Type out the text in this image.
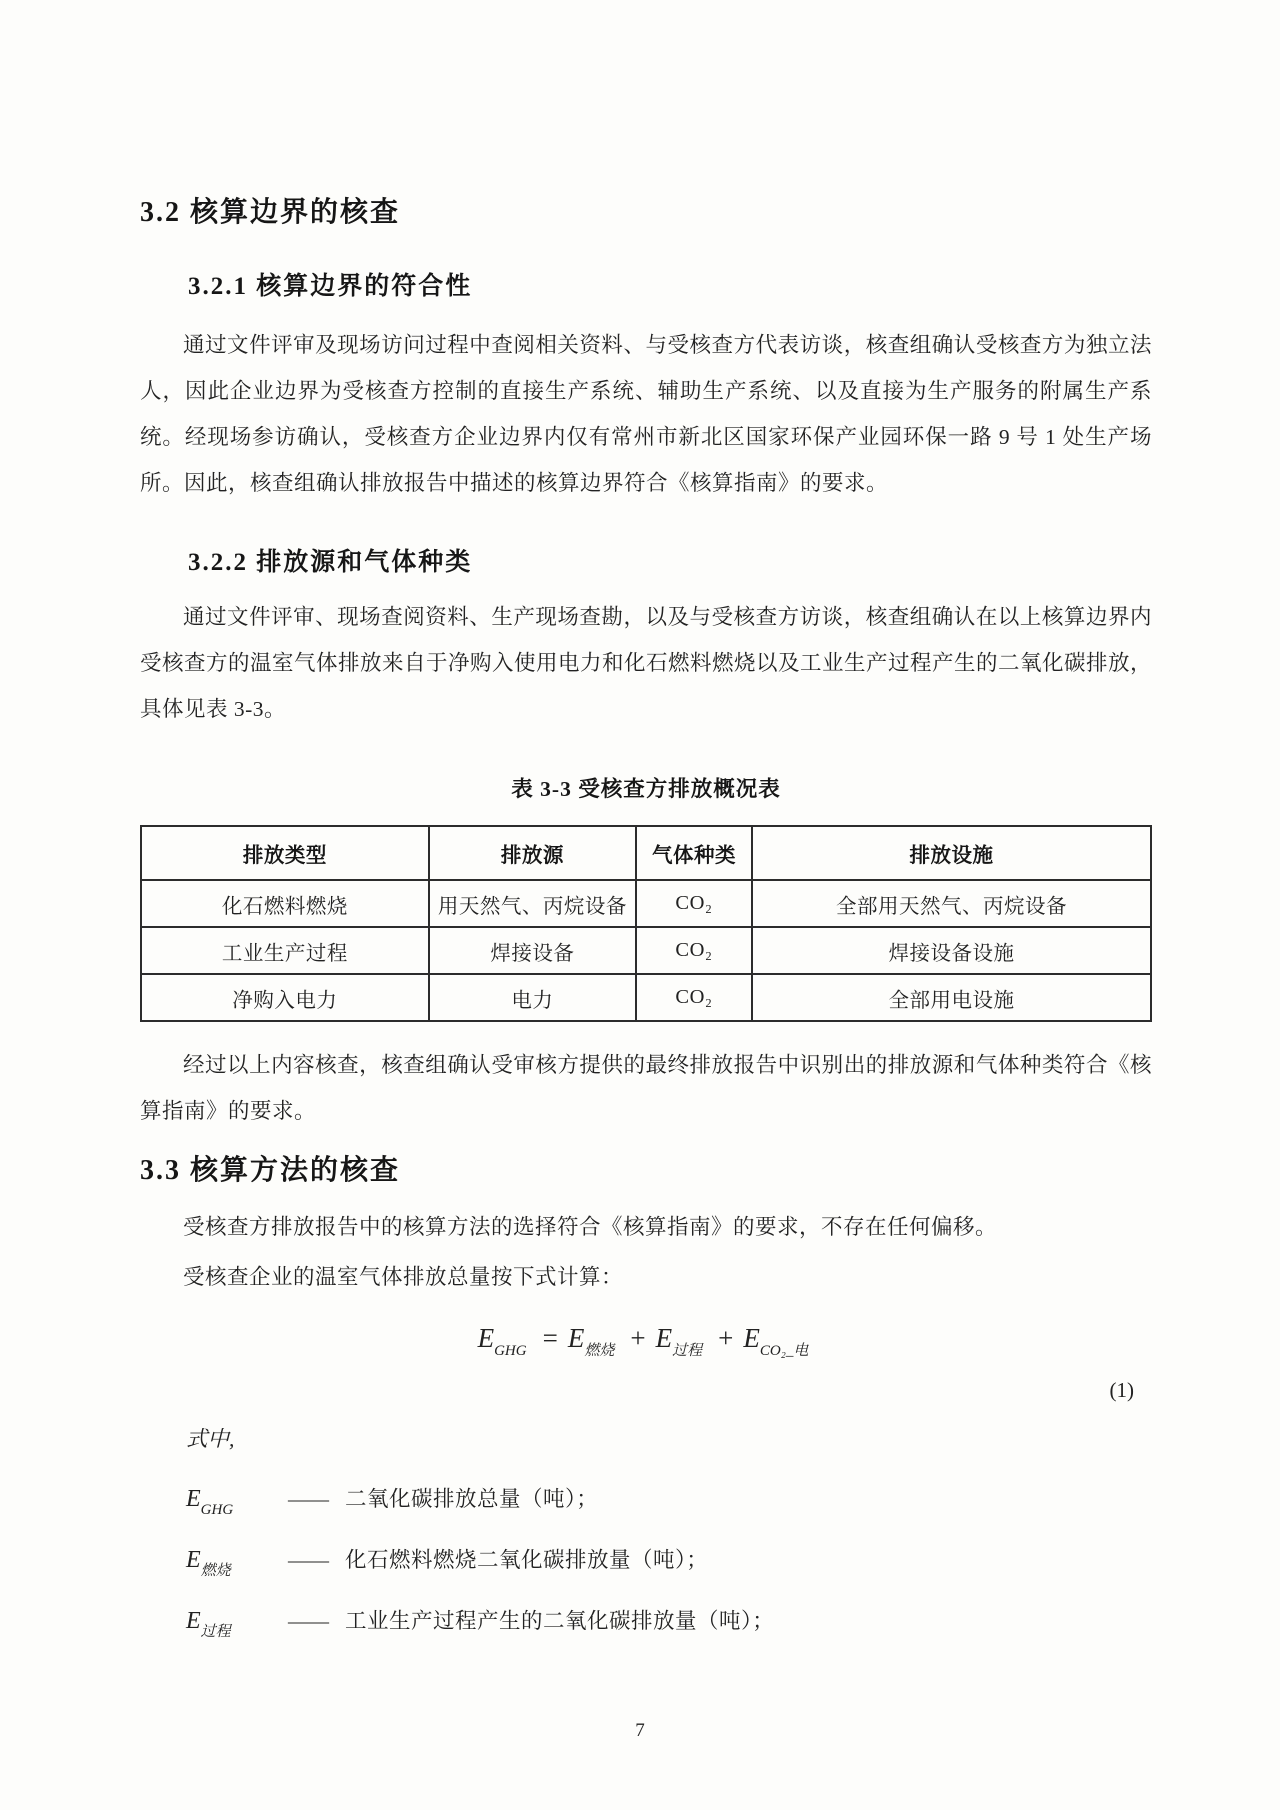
3.2 核算边界的核查

3.2.1 核算边界的符合性

通过文件评审及现场访问过程中查阅相关资料、与受核查方代表访谈，核查组确认受核查方为独立法人，因此企业边界为受核查方控制的直接生产系统、辅助生产系统、以及直接为生产服务的附属生产系统。经现场参访确认，受核查方企业边界内仅有常州市新北区国家环保产业园环保一路 9 号 1 处生产场所。因此，核查组确认排放报告中描述的核算边界符合《核算指南》的要求。

3.2.2 排放源和气体种类

通过文件评审、现场查阅资料、生产现场查勘，以及与受核查方访谈，核查组确认在以上核算边界内受核查方的温室气体排放来自于净购入使用电力和化石燃料燃烧以及工业生产过程产生的二氧化碳排放，具体见表 3-3。

表 3-3 受核查方排放概况表

排放类型	排放源	气体种类	排放设施
化石燃料燃烧	用天然气、丙烷设备	CO₂	全部用天然气、丙烷设备
工业生产过程	焊接设备	CO₂	焊接设备设施
净购入电力	电力	CO₂	全部用电设施

经过以上内容核查，核查组确认受审核方提供的最终排放报告中识别出的排放源和气体种类符合《核算指南》的要求。

3.3 核算方法的核查

受核查方排放报告中的核算方法的选择符合《核算指南》的要求，不存在任何偏移。

受核查企业的温室气体排放总量按下式计算：

$E_{GHG} = E_{燃烧} + E_{过程} + E_{CO_2\_电}$
(1)

式中,

$E_{GHG}$	—— 二氧化碳排放总量（吨）；
$E_{燃烧}$	—— 化石燃料燃烧二氧化碳排放量（吨）；
$E_{过程}$	—— 工业生产过程产生的二氧化碳排放量（吨）；
7
